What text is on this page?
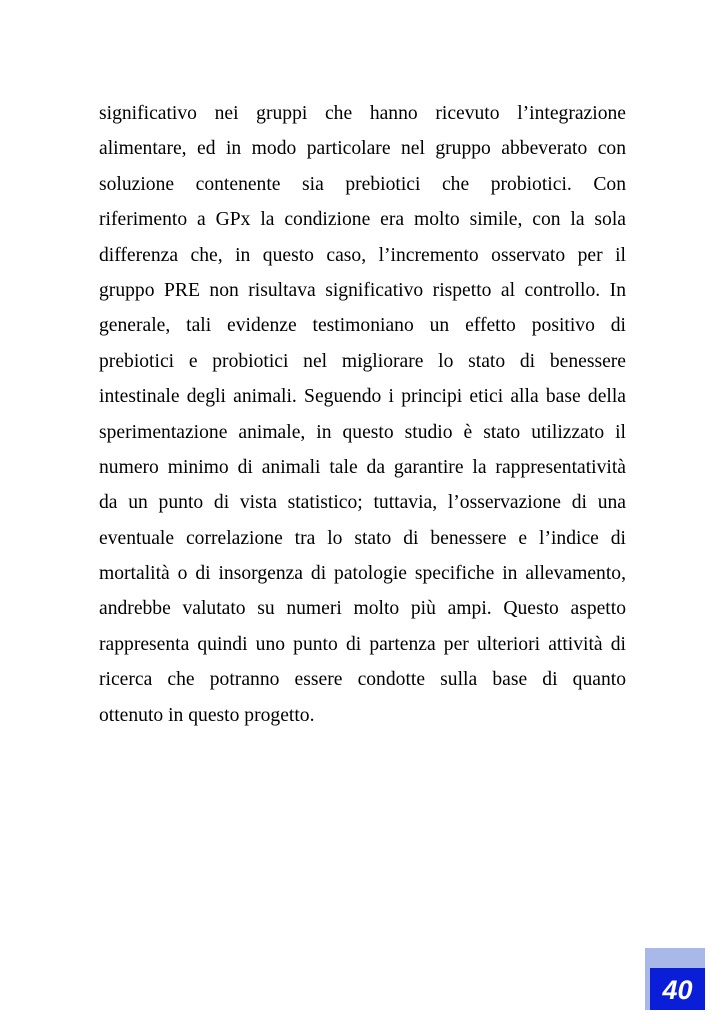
significativo nei gruppi che hanno ricevuto l’integrazione
alimentare, ed in modo particolare nel gruppo abbeverato con
soluzione contenente sia prebiotici che probiotici. Con
riferimento a GPx la condizione era molto simile, con la sola
differenza che, in questo caso, l’incremento osservato per il
gruppo PRE non risultava significativo rispetto al controllo. In
generale, tali evidenze testimoniano un effetto positivo di
prebiotici e probiotici nel migliorare lo stato di benessere
intestinale degli animali. Seguendo i principi etici alla base della
sperimentazione animale, in questo studio è stato utilizzato il
numero minimo di animali tale da garantire la rappresentatività
da un punto di vista statistico; tuttavia, l’osservazione di una
eventuale correlazione tra lo stato di benessere e l’indice di
mortalità o di insorgenza di patologie specifiche in allevamento,
andrebbe valutato su numeri molto più ampi. Questo aspetto
rappresenta quindi uno punto di partenza per ulteriori attività di
ricerca che potranno essere condotte sulla base di quanto
ottenuto in questo progetto.
40
